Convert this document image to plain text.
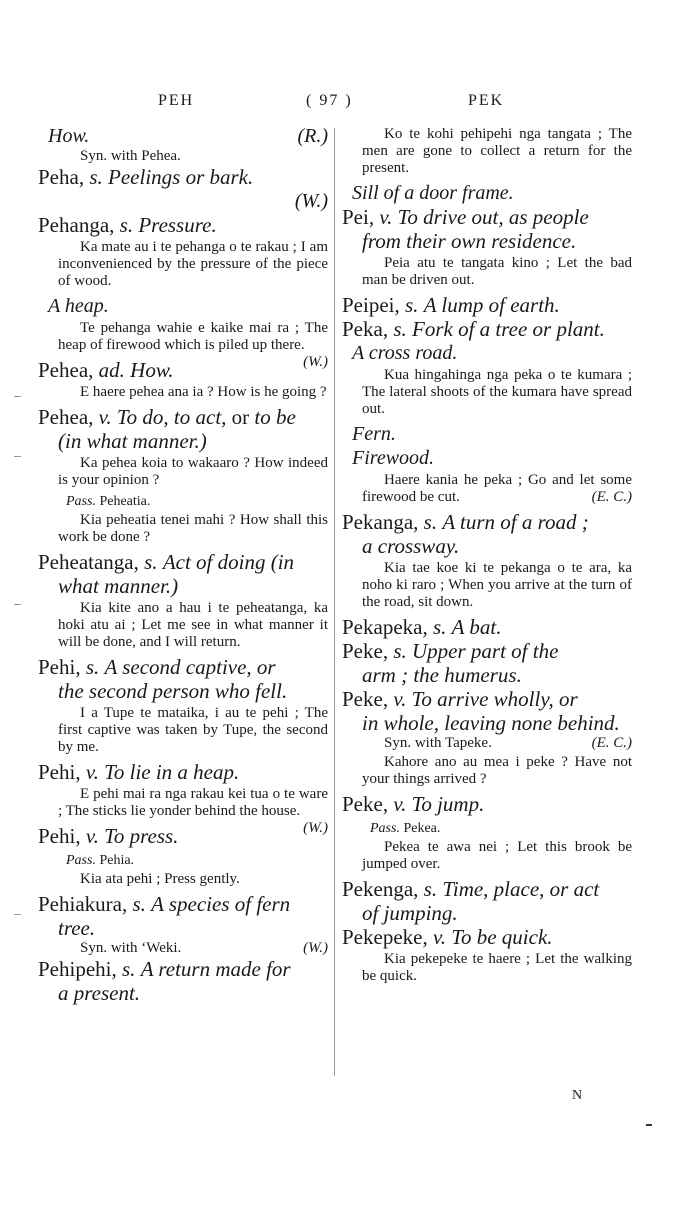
PEH	( 97 )	PEK
(R.)
How.
Syn. with Pehea.
Peha, s. Peelings or bark.
(W.)
Pehanga, s. Pressure.
Ka mate au i te pehanga o te rakau ; I am inconvenienced by the pressure of the piece of wood.
A heap.
Te pehanga wahie e kaike mai ra ; The heap of firewood which is piled up there.
(W.)
Pehea, ad. How.
E haere pehea ana ia ? How is he going ?
Pehea, v. To do, to act, or to be
(in what manner.)
Ka pehea koia to wakaaro ? How indeed is your opinion ?
Pass. Peheatia.
Kia peheatia tenei mahi ? How shall this work be done ?
Peheatanga, s. Act of doing (in
what manner.)
Kia kite ano a hau i te peheatanga, ka hoki atu ai ; Let me see in what manner it will be done, and I will return.
Pehi, s. A second captive, or
the second person who fell.
I a Tupe te mataika, i au te pehi ; The first captive was taken by Tupe, the second by me.
Pehi, v. To lie in a heap.
E pehi mai ra nga rakau kei tua o te ware ; The sticks lie yonder behind the house.
(W.)
Pehi, v. To press.
Pass. Pehia.
Kia ata pehi ; Press gently.
Pehiakura, s. A species of fern
tree.
(W.)
Syn. with ‘Weki.
Pehipehi, s. A return made for
a present.
Ko te kohi pehipehi nga tangata ; The men are gone to collect a return for the present.
Sill of a door frame.
Pei, v. To drive out, as people
from their own residence.
Peia atu te tangata kino ; Let the bad man be driven out.
Peipei, s. A lump of earth.
Peka, s. Fork of a tree or plant.
A cross road.
Kua hingahinga nga peka o te kumara ; The lateral shoots of the kumara have spread out.
Fern.
Firewood.
Haere kania he peka ; Go and let some firewood be cut.	(E. C.)
Pekanga, s. A turn of a road ;
a crossway.
Kia tae koe ki te pekanga o te ara, ka noho ki raro ; When you arrive at the turn of the road, sit down.
Pekapeka, s. A bat.
Peke, s. Upper part of the
arm ; the humerus.
Peke, v. To arrive wholly, or
in whole, leaving none behind.
(E. C.)
Syn. with Tapeke.
Kahore ano au mea i peke ? Have not your things arrived ?
Peke, v. To jump.
Pass. Pekea.
Pekea te awa nei ; Let this brook be jumped over.
Pekenga, s. Time, place, or act
of jumping.
Pekepeke, v. To be quick.
Kia pekepeke te haere ; Let the walking be quick.
N
